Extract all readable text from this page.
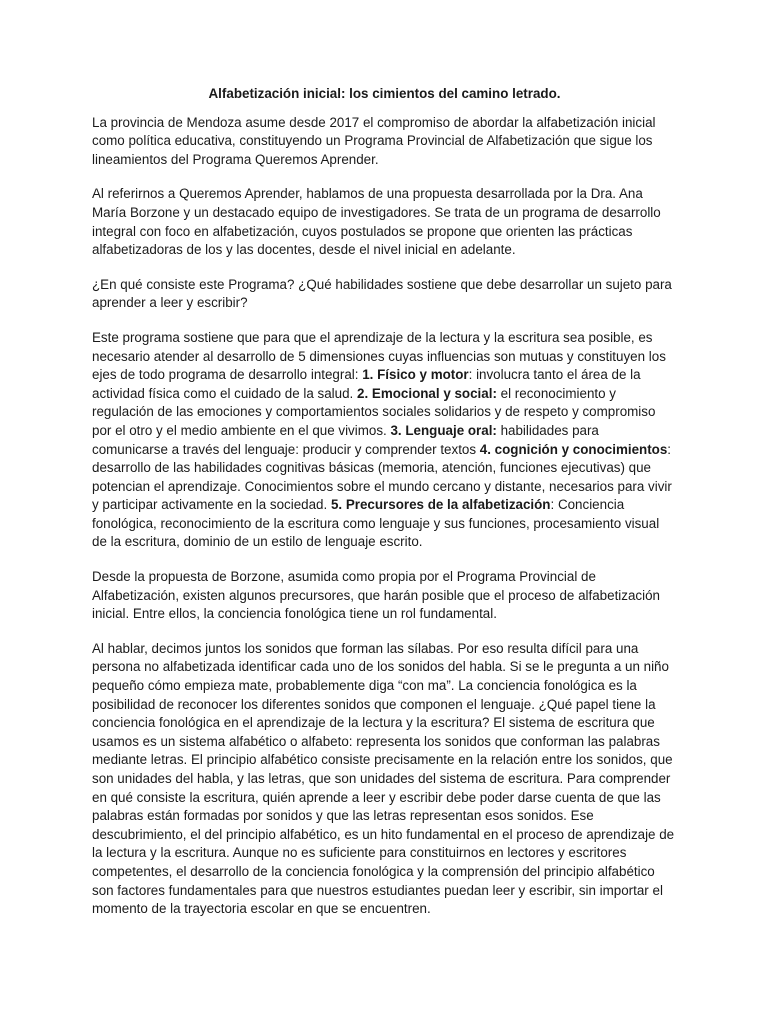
Alfabetización inicial: los cimientos del camino letrado.

La provincia de Mendoza asume desde 2017 el compromiso de abordar la alfabetización inicial como política educativa, constituyendo un Programa Provincial de Alfabetización que sigue los lineamientos del Programa Queremos Aprender.

Al referirnos a Queremos Aprender, hablamos de una propuesta desarrollada por la Dra. Ana María Borzone y un destacado equipo de investigadores. Se trata de un programa de desarrollo integral con foco en alfabetización, cuyos postulados se propone que orienten las prácticas alfabetizadoras de los y las docentes, desde el nivel inicial en adelante.

¿En qué consiste este Programa? ¿Qué habilidades sostiene que debe desarrollar un sujeto para aprender a leer y escribir?

Este programa sostiene que para que el aprendizaje de la lectura y la escritura sea posible, es necesario atender al desarrollo de 5 dimensiones cuyas influencias son mutuas y constituyen los ejes de todo programa de desarrollo integral: 1. Físico y motor: involucra tanto el área de la actividad física como el cuidado de la salud. 2. Emocional y social: el reconocimiento y regulación de las emociones y comportamientos sociales solidarios y de respeto y compromiso por el otro y el medio ambiente en el que vivimos. 3. Lenguaje oral: habilidades para comunicarse a través del lenguaje: producir y comprender textos 4. cognición y conocimientos: desarrollo de las habilidades cognitivas básicas (memoria, atención, funciones ejecutivas) que potencian el aprendizaje. Conocimientos sobre el mundo cercano y distante, necesarios para vivir y participar activamente en la sociedad. 5. Precursores de la alfabetización: Conciencia fonológica, reconocimiento de la escritura como lenguaje y sus funciones, procesamiento visual de la escritura, dominio de un estilo de lenguaje escrito.

Desde la propuesta de Borzone, asumida como propia por el Programa Provincial de Alfabetización, existen algunos precursores, que harán posible que el proceso de alfabetización inicial. Entre ellos, la conciencia fonológica tiene un rol fundamental.

Al hablar, decimos juntos los sonidos que forman las sílabas. Por eso resulta difícil para una persona no alfabetizada identificar cada uno de los sonidos del habla. Si se le pregunta a un niño pequeño cómo empieza mate, probablemente diga “con ma”. La conciencia fonológica es la posibilidad de reconocer los diferentes sonidos que componen el lenguaje. ¿Qué papel tiene la conciencia fonológica en el aprendizaje de la lectura y la escritura? El sistema de escritura que usamos es un sistema alfabético o alfabeto: representa los sonidos que conforman las palabras mediante letras. El principio alfabético consiste precisamente en la relación entre los sonidos, que son unidades del habla, y las letras, que son unidades del sistema de escritura. Para comprender en qué consiste la escritura, quién aprende a leer y escribir debe poder darse cuenta de que las palabras están formadas por sonidos y que las letras representan esos sonidos. Ese descubrimiento, el del principio alfabético, es un hito fundamental en el proceso de aprendizaje de la lectura y la escritura. Aunque no es suficiente para constituirnos en lectores y escritores competentes, el desarrollo de la conciencia fonológica y la comprensión del principio alfabético son factores fundamentales para que nuestros estudiantes puedan leer y escribir, sin importar el momento de la trayectoria escolar en que se encuentren.
